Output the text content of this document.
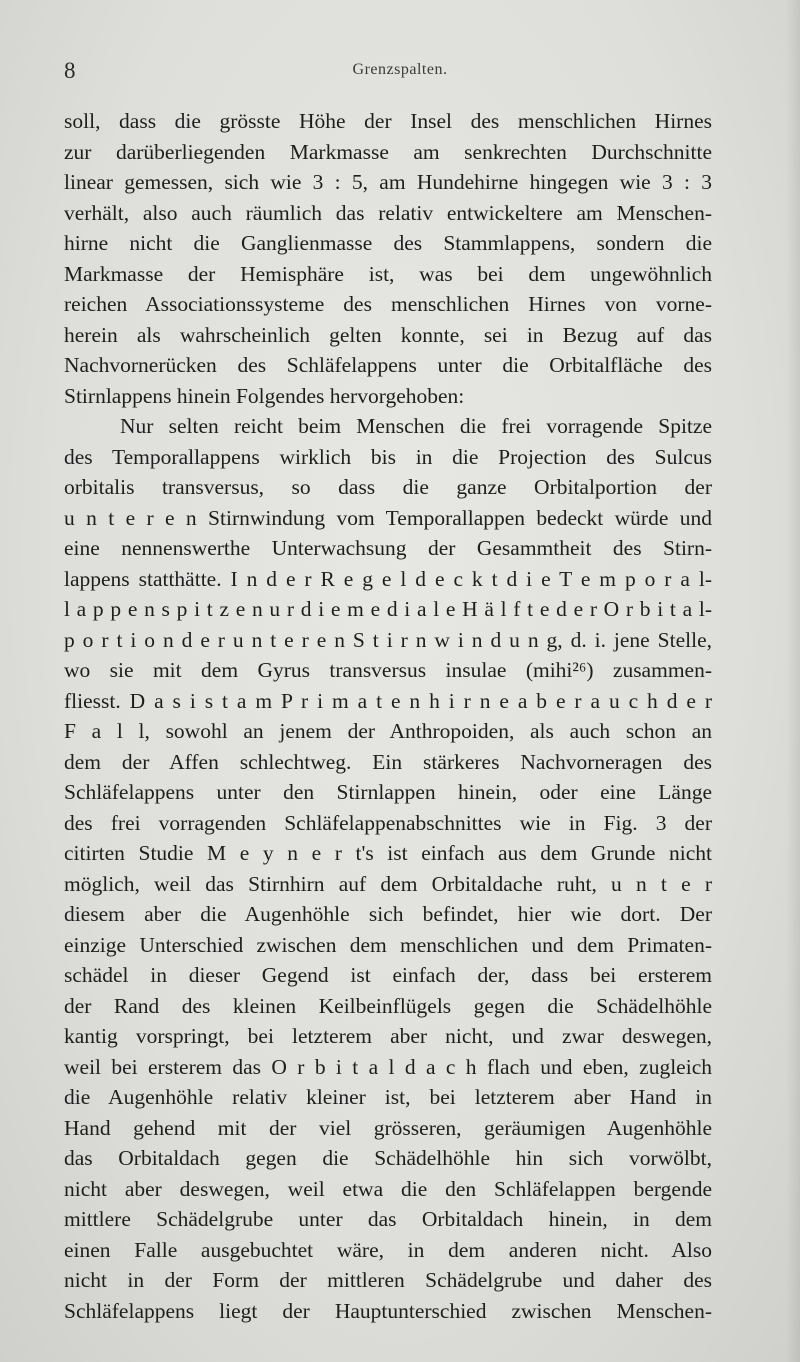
8	Grenzspalten.
soll, dass die grösste Höhe der Insel des menschlichen Hirnes
zur darüberliegenden Markmasse am senkrechten Durchschnitte
linear gemessen, sich wie 3 : 5, am Hundehirne hingegen wie 3 : 3
verhält, also auch räumlich das relativ entwickeltere am Menschen-
hirne nicht die Ganglienmasse des Stammlappens, sondern die
Markmasse der Hemisphäre ist, was bei dem ungewöhnlich
reichen Associationssysteme des menschlichen Hirnes von vorne-
herein als wahrscheinlich gelten konnte, sei in Bezug auf das
Nachvornerücken des Schläfelappens unter die Orbitalfläche des
Stirnlappens hinein Folgendes hervorgehoben:
Nur selten reicht beim Menschen die frei vorragende Spitze
des Temporallappens wirklich bis in die Projection des Sulcus
orbitalis transversus, so dass die ganze Orbitalportion der
u n t e r e n Stirnwindung vom Temporallappen bedeckt würde und
eine nennenswerthe Unterwachsung der Gesammtheit des Stirn-
lappens statthätte. I n d e r R e g e l d e c k t d i e T e m p o r a l-
l a p p e n s p i t z e n u r d i e m e d i a l e H ä l f t e d e r O r b i t a l-
p o r t i o n d e r u n t e r e n S t i r n w i n d u n g, d. i. jene Stelle,
wo sie mit dem Gyrus transversus insulae (mihi²⁶) zusammen-
fliesst. D a s i s t a m P r i m a t e n h i r n e a b e r a u c h d e r
F a l l, sowohl an jenem der Anthropoiden, als auch schon an
dem der Affen schlechtweg. Ein stärkeres Nachvorneragen des
Schläfelappens unter den Stirnlappen hinein, oder eine Länge
des frei vorragenden Schläfelappenabschnittes wie in Fig. 3 der
citirten Studie M e y n e r t's ist einfach aus dem Grunde nicht
möglich, weil das Stirnhirn auf dem Orbitaldache ruht, u n t e r
diesem aber die Augenhöhle sich befindet, hier wie dort. Der
einzige Unterschied zwischen dem menschlichen und dem Primaten-
schädel in dieser Gegend ist einfach der, dass bei ersterem
der Rand des kleinen Keilbeinflügels gegen die Schädelhöhle
kantig vorspringt, bei letzterem aber nicht, und zwar deswegen,
weil bei ersterem das O r b i t a l d a c h flach und eben, zugleich
die Augenhöhle relativ kleiner ist, bei letzterem aber Hand in
Hand gehend mit der viel grösseren, geräumigen Augenhöhle
das Orbitaldach gegen die Schädelhöhle hin sich vorwölbt,
nicht aber deswegen, weil etwa die den Schläfelappen bergende
mittlere Schädelgrube unter das Orbitaldach hinein, in dem
einen Falle ausgebuchtet wäre, in dem anderen nicht. Also
nicht in der Form der mittleren Schädelgrube und daher des
Schläfelappens liegt der Hauptunterschied zwischen Menschen-
